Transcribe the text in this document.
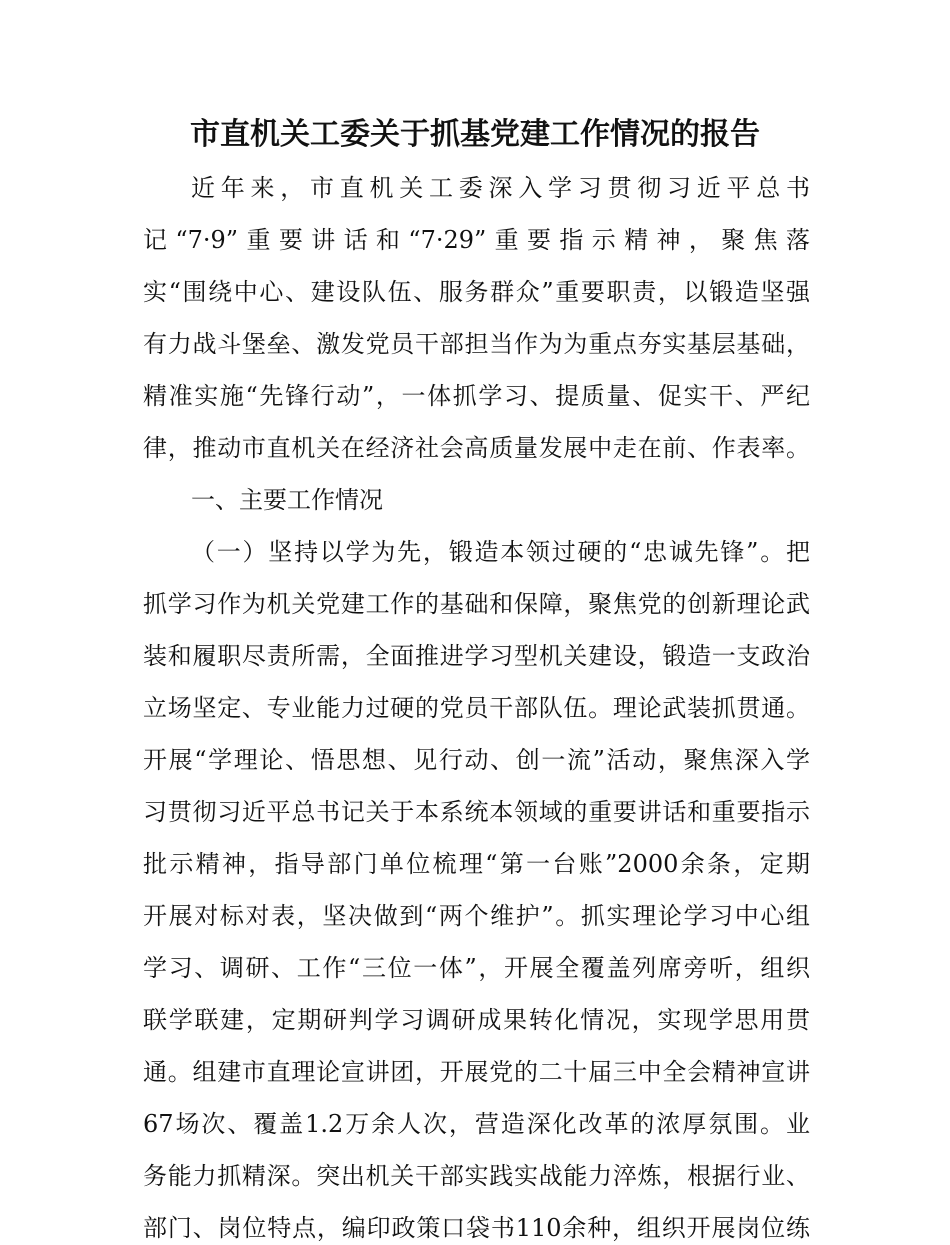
市直机关工委关于抓基党建工作情况的报告
近年来，市直机关工委深入学习贯彻习近平总书
记“7·9”重要讲话和“7·29”重要指示精神，聚焦落
实“围绕中心、建设队伍、服务群众”重要职责，以锻造坚强
有力战斗堡垒、激发党员干部担当作为为重点夯实基层基础，
精准实施“先锋行动”，一体抓学习、提质量、促实干、严纪
律，推动市直机关在经济社会高质量发展中走在前、作表率。
一、主要工作情况
（一）坚持以学为先，锻造本领过硬的“忠诚先锋”。把
抓学习作为机关党建工作的基础和保障，聚焦党的创新理论武
装和履职尽责所需，全面推进学习型机关建设，锻造一支政治
立场坚定、专业能力过硬的党员干部队伍。理论武装抓贯通。
开展“学理论、悟思想、见行动、创一流”活动，聚焦深入学
习贯彻习近平总书记关于本系统本领域的重要讲话和重要指示
批示精神，指导部门单位梳理“第一台账”2000余条，定期
开展对标对表，坚决做到“两个维护”。抓实理论学习中心组
学习、调研、工作“三位一体”，开展全覆盖列席旁听，组织
联学联建，定期研判学习调研成果转化情况，实现学思用贯
通。组建市直理论宣讲团，开展党的二十届三中全会精神宣讲
67场次、覆盖1.2万余人次，营造深化改革的浓厚氛围。业
务能力抓精深。突出机关干部实践实战能力淬炼，根据行业、
部门、岗位特点，编印政策口袋书110余种，组织开展岗位练
